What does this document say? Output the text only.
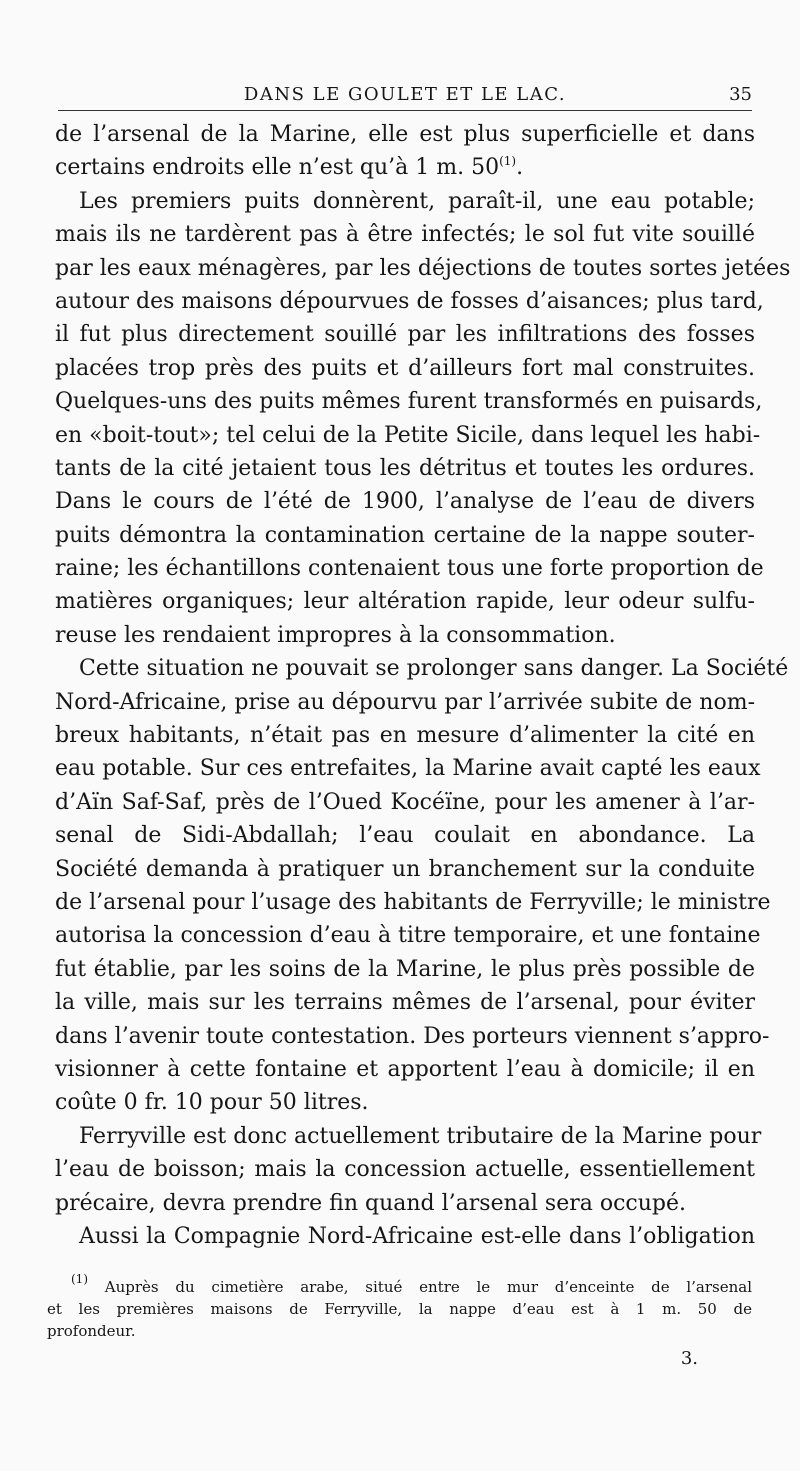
DANS LE GOULET ET LE LAC.	35
de l’arsenal de la Marine, elle est plus superficielle et dans
certains endroits elle n’est qu’à 1 m. 50$^{(1)}$.
Les premiers puits donnèrent, paraît-il, une eau potable;
mais ils ne tardèrent pas à être infectés; le sol fut vite souillé
par les eaux ménagères, par les déjections de toutes sortes jetées
autour des maisons dépourvues de fosses d’aisances; plus tard,
il fut plus directement souillé par les infiltrations des fosses
placées trop près des puits et d’ailleurs fort mal construites.
Quelques-uns des puits mêmes furent transformés en puisards,
en «boit-tout»; tel celui de la Petite Sicile, dans lequel les habi-
tants de la cité jetaient tous les détritus et toutes les ordures.
Dans le cours de l’été de 1900, l’analyse de l’eau de divers
puits démontra la contamination certaine de la nappe souter-
raine; les échantillons contenaient tous une forte proportion de
matières organiques; leur altération rapide, leur odeur sulfu-
reuse les rendaient impropres à la consommation.
Cette situation ne pouvait se prolonger sans danger. La Société
Nord-Africaine, prise au dépourvu par l’arrivée subite de nom-
breux habitants, n’était pas en mesure d’alimenter la cité en
eau potable. Sur ces entrefaites, la Marine avait capté les eaux
d’Aïn Saf-Saf, près de l’Oued Kocéïne, pour les amener à l’ar-
senal de Sidi-Abdallah; l’eau coulait en abondance. La
Société demanda à pratiquer un branchement sur la conduite
de l’arsenal pour l’usage des habitants de Ferryville; le ministre
autorisa la concession d’eau à titre temporaire, et une fontaine
fut établie, par les soins de la Marine, le plus près possible de
la ville, mais sur les terrains mêmes de l’arsenal, pour éviter
dans l’avenir toute contestation. Des porteurs viennent s’appro-
visionner à cette fontaine et apportent l’eau à domicile; il en
coûte 0 fr. 10 pour 50 litres.
Ferryville est donc actuellement tributaire de la Marine pour
l’eau de boisson; mais la concession actuelle, essentiellement
précaire, devra prendre fin quand l’arsenal sera occupé.
Aussi la Compagnie Nord-Africaine est-elle dans l’obligation
$^{(1)}$ Auprès du cimetière arabe, situé entre le mur d’enceinte de l’arsenal
et les premières maisons de Ferryville, la nappe d’eau est à 1 m. 50 de
profondeur.
3.
